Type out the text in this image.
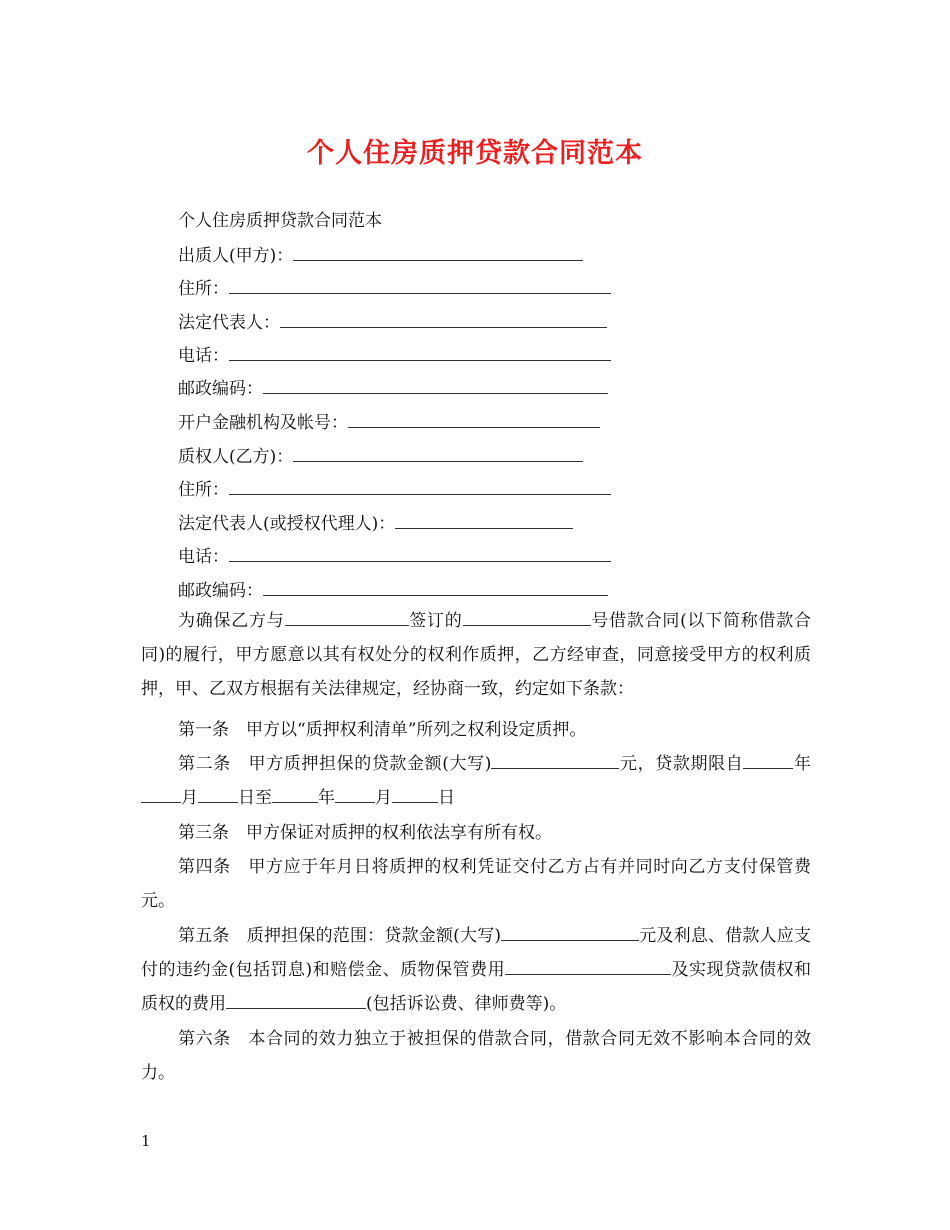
个人住房质押贷款合同范本
个人住房质押贷款合同范本
出质人(甲方)：
住所：
法定代表人：
电话：
邮政编码：
开户金融机构及帐号：
质权人(乙方)：
住所：
法定代表人(或授权代理人)：
电话：
邮政编码：

为确保乙方与	签订的	号借款合同(以下简称借款合同)的履行，甲方愿意以其有权处分的权利作质押，乙方经审查，同意接受甲方的权利质押，甲、乙双方根据有关法律规定，经协商一致，约定如下条款：

第一条　甲方以“质押权利清单”所列之权利设定质押。

第二条　甲方质押担保的贷款金额(大写)	元，贷款期限自	年月 日至	年 月	日

第三条　甲方保证对质押的权利依法享有所有权。

第四条　甲方应于年月日将质押的权利凭证交付乙方占有并同时向乙方支付保管费元。

第五条　质押担保的范围：贷款金额(大写)	元及利息、借款人应支付的违约金(包括罚息)和赔偿金、质物保管费用	及实现贷款债权和质权的费用	(包括诉讼费、律师费等)。

第六条　本合同的效力独立于被担保的借款合同，借款合同无效不影响本合同的效力。

1
